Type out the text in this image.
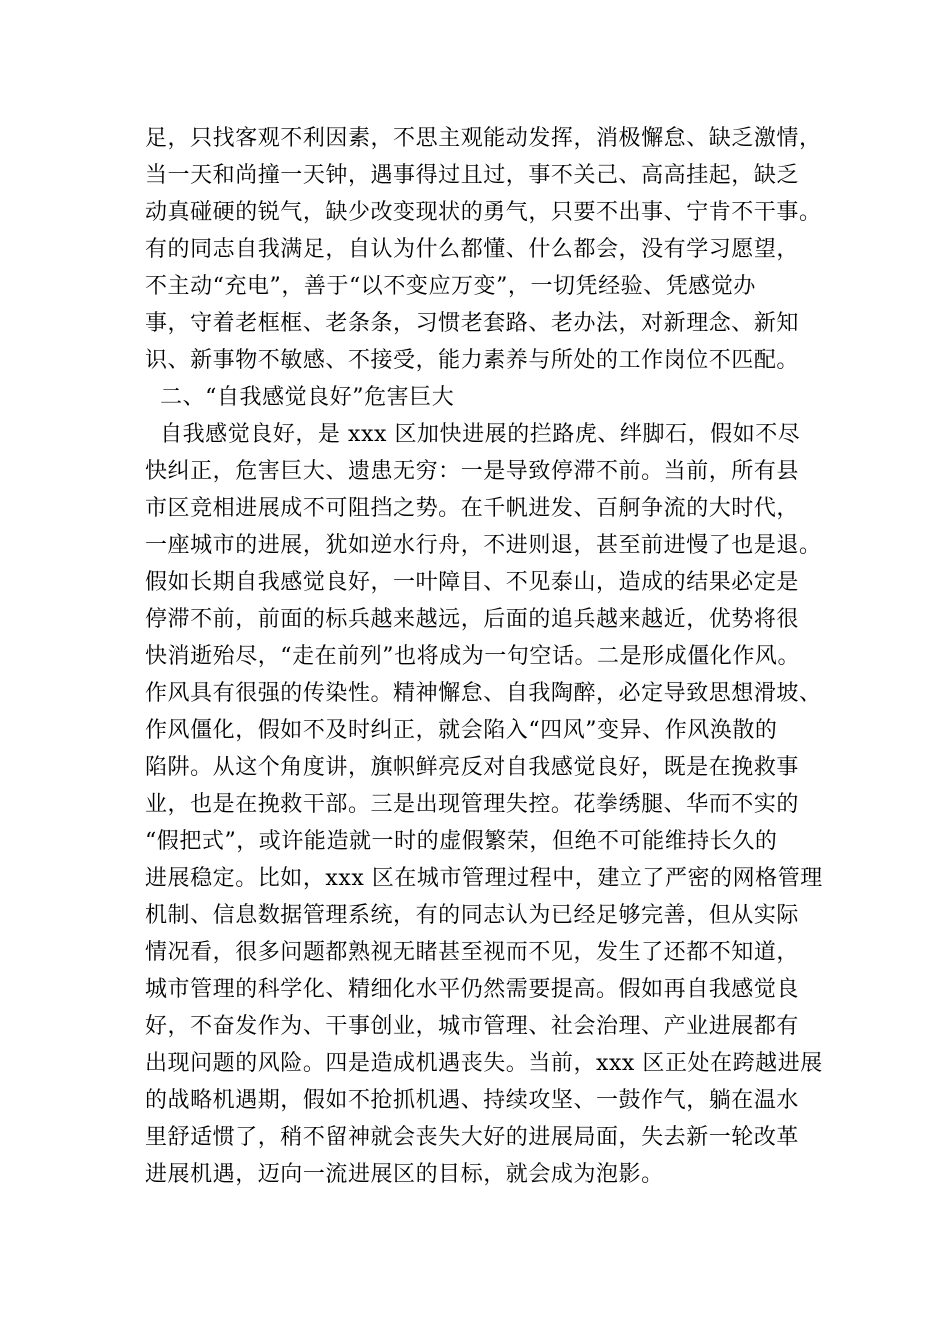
足，只找客观不利因素，不思主观能动发挥，消极懈怠、缺乏激情，
当一天和尚撞一天钟，遇事得过且过，事不关己、高高挂起，缺乏
动真碰硬的锐气，缺少改变现状的勇气，只要不出事、宁肯不干事。
有的同志自我满足，自认为什么都懂、什么都会，没有学习愿望，
不主动“充电”，善于“以不变应万变”，一切凭经验、凭感觉办
事，守着老框框、老条条，习惯老套路、老办法，对新理念、新知
识、新事物不敏感、不接受，能力素养与所处的工作岗位不匹配。
二、“自我感觉良好”危害巨大
自我感觉良好，是 xxx 区加快进展的拦路虎、绊脚石，假如不尽
快纠正，危害巨大、遗患无穷：一是导致停滞不前。当前，所有县
市区竞相进展成不可阻挡之势。在千帆进发、百舸争流的大时代，
一座城市的进展，犹如逆水行舟，不进则退，甚至前进慢了也是退。
假如长期自我感觉良好，一叶障目、不见泰山，造成的结果必定是
停滞不前，前面的标兵越来越远，后面的追兵越来越近，优势将很
快消逝殆尽，“走在前列”也将成为一句空话。二是形成僵化作风。
作风具有很强的传染性。精神懈怠、自我陶醉，必定导致思想滑坡、
作风僵化，假如不及时纠正，就会陷入“四风”变异、作风涣散的
陷阱。从这个角度讲，旗帜鲜亮反对自我感觉良好，既是在挽救事
业，也是在挽救干部。三是出现管理失控。花拳绣腿、华而不实的
“假把式”，或许能造就一时的虚假繁荣，但绝不可能维持长久的
进展稳定。比如，xxx 区在城市管理过程中，建立了严密的网格管理
机制、信息数据管理系统，有的同志认为已经足够完善，但从实际
情况看，很多问题都熟视无睹甚至视而不见，发生了还都不知道，
城市管理的科学化、精细化水平仍然需要提高。假如再自我感觉良
好，不奋发作为、干事创业，城市管理、社会治理、产业进展都有
出现问题的风险。四是造成机遇丧失。当前，xxx 区正处在跨越进展
的战略机遇期，假如不抢抓机遇、持续攻坚、一鼓作气，躺在温水
里舒适惯了，稍不留神就会丧失大好的进展局面，失去新一轮改革
进展机遇，迈向一流进展区的目标，就会成为泡影。
